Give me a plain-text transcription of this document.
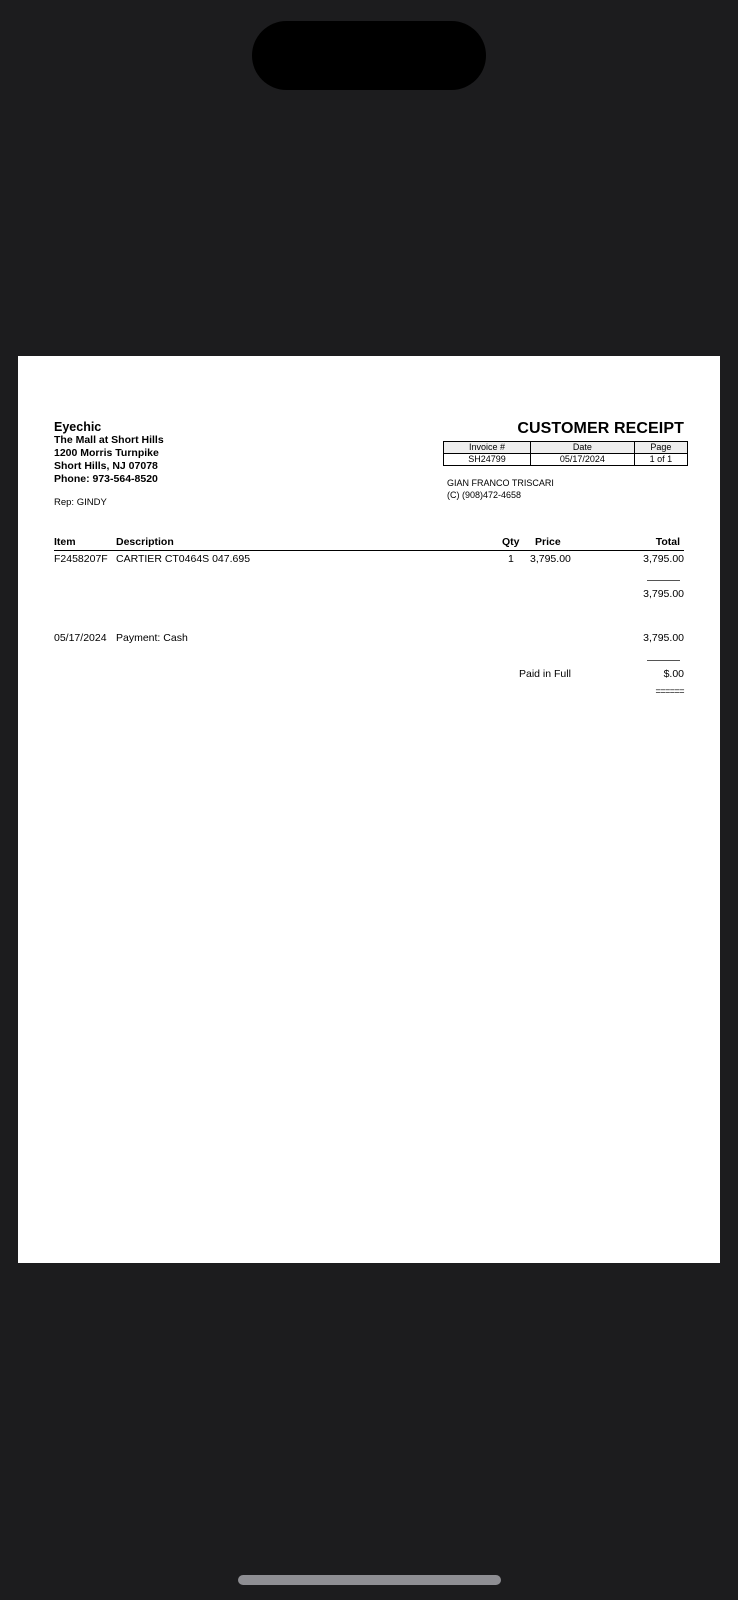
Eyechic
The Mall at Short Hills
1200 Morris Turnpike
Short Hills, NJ 07078
Phone: 973-564-8520
Rep: GINDY
CUSTOMER RECEIPT
Invoice #	Date	Page
SH24799	05/17/2024	1 of 1
GIAN FRANCO TRISCARI
(C) (908)472-4658
Item	Description	Qty Price	Total
F2458207F CARTIER CT0464S 047.695	1 3,795.00	3,795.00
3,795.00
05/17/2024 Payment: Cash	3,795.00
Paid in Full	$.00
======
